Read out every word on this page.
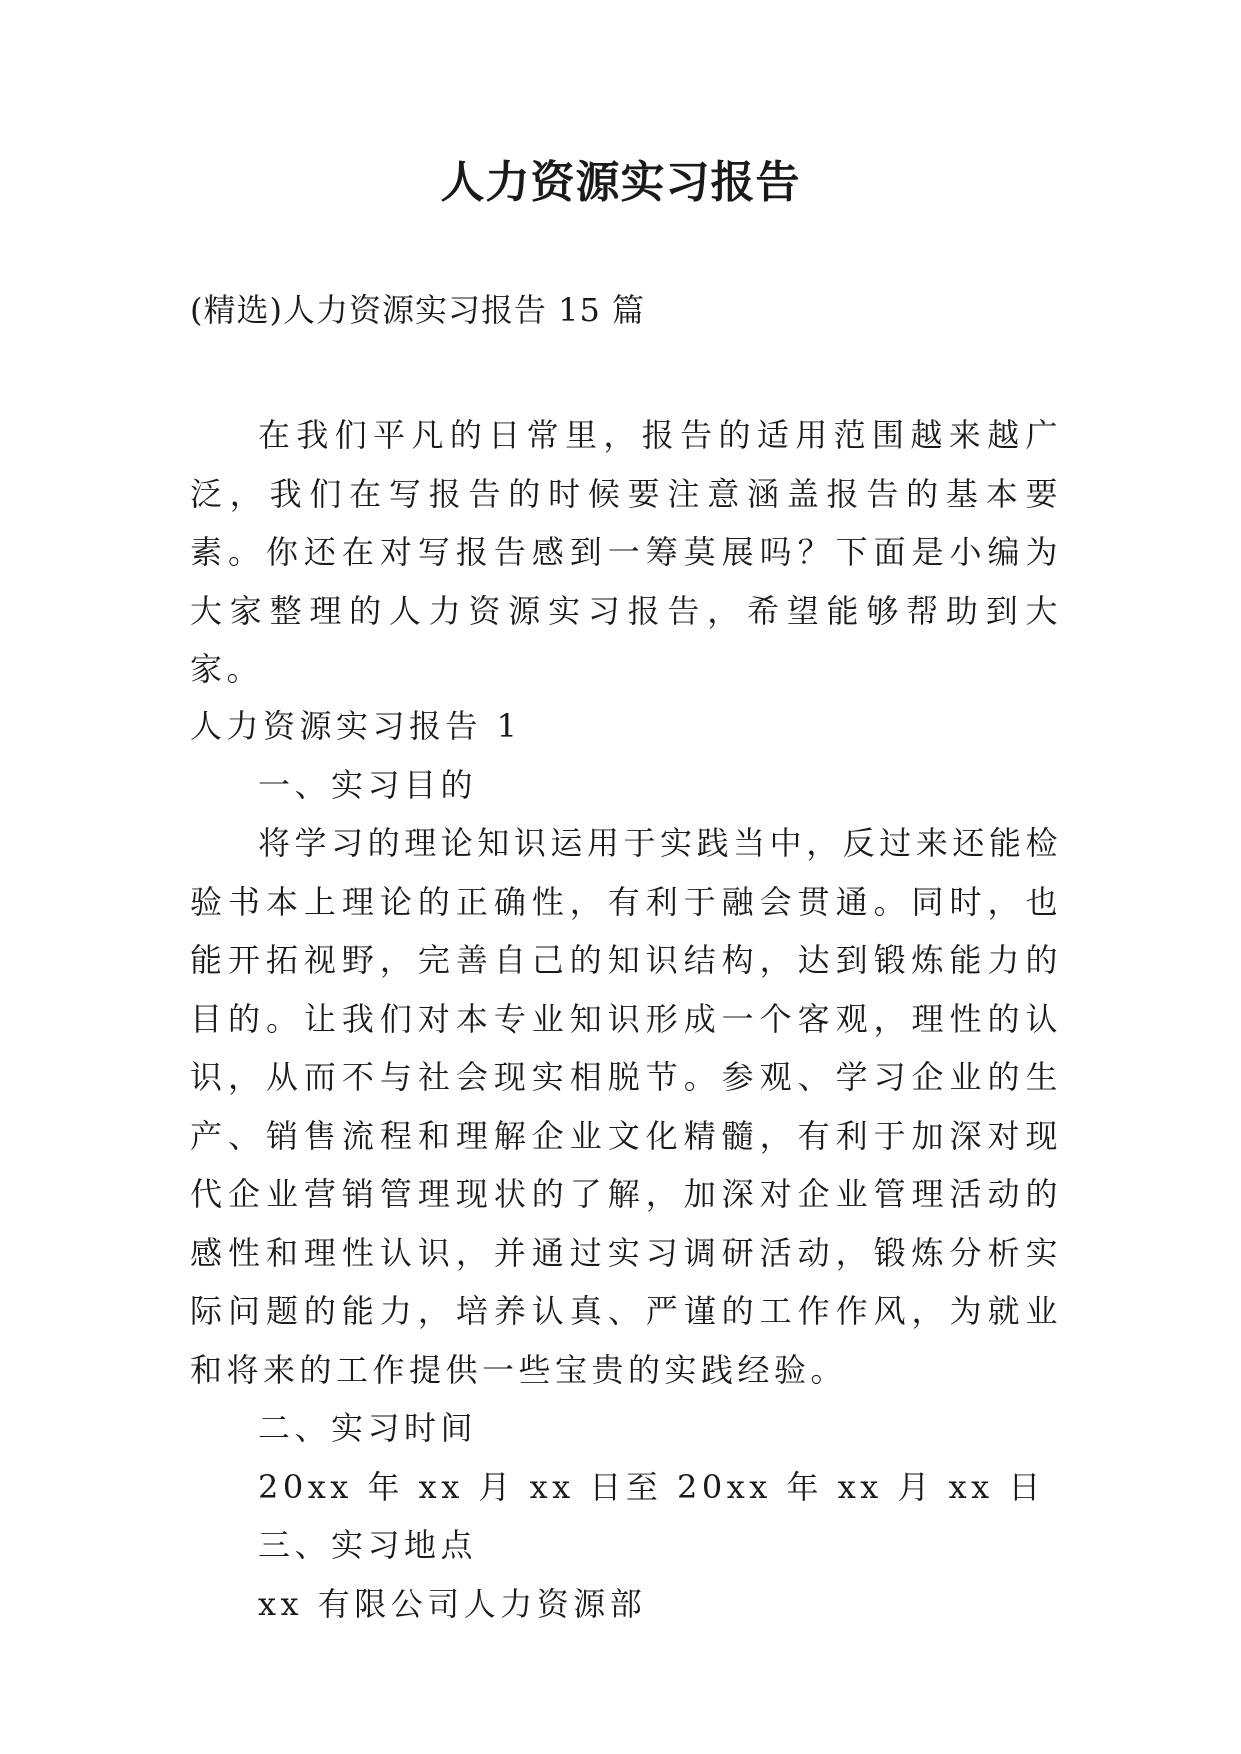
人力资源实习报告
(精选)人力资源实习报告 15 篇

在我们平凡的日常里，报告的适用范围越来越广泛，我们在写报告的时候要注意涵盖报告的基本要素。你还在对写报告感到一筹莫展吗？下面是小编为大家整理的人力资源实习报告，希望能够帮助到大家。

人力资源实习报告 1

一、实习目的

将学习的理论知识运用于实践当中，反过来还能检验书本上理论的正确性，有利于融会贯通。同时，也能开拓视野，完善自己的知识结构，达到锻炼能力的目的。让我们对本专业知识形成一个客观，理性的认识，从而不与社会现实相脱节。参观、学习企业的生产、销售流程和理解企业文化精髓，有利于加深对现代企业营销管理现状的了解，加深对企业管理活动的感性和理性认识，并通过实习调研活动，锻炼分析实际问题的能力，培养认真、严谨的工作作风，为就业和将来的工作提供一些宝贵的实践经验。

二、实习时间

20xx 年 xx 月 xx 日至 20xx 年 xx 月 xx 日

三、实习地点

xx 有限公司人力资源部
